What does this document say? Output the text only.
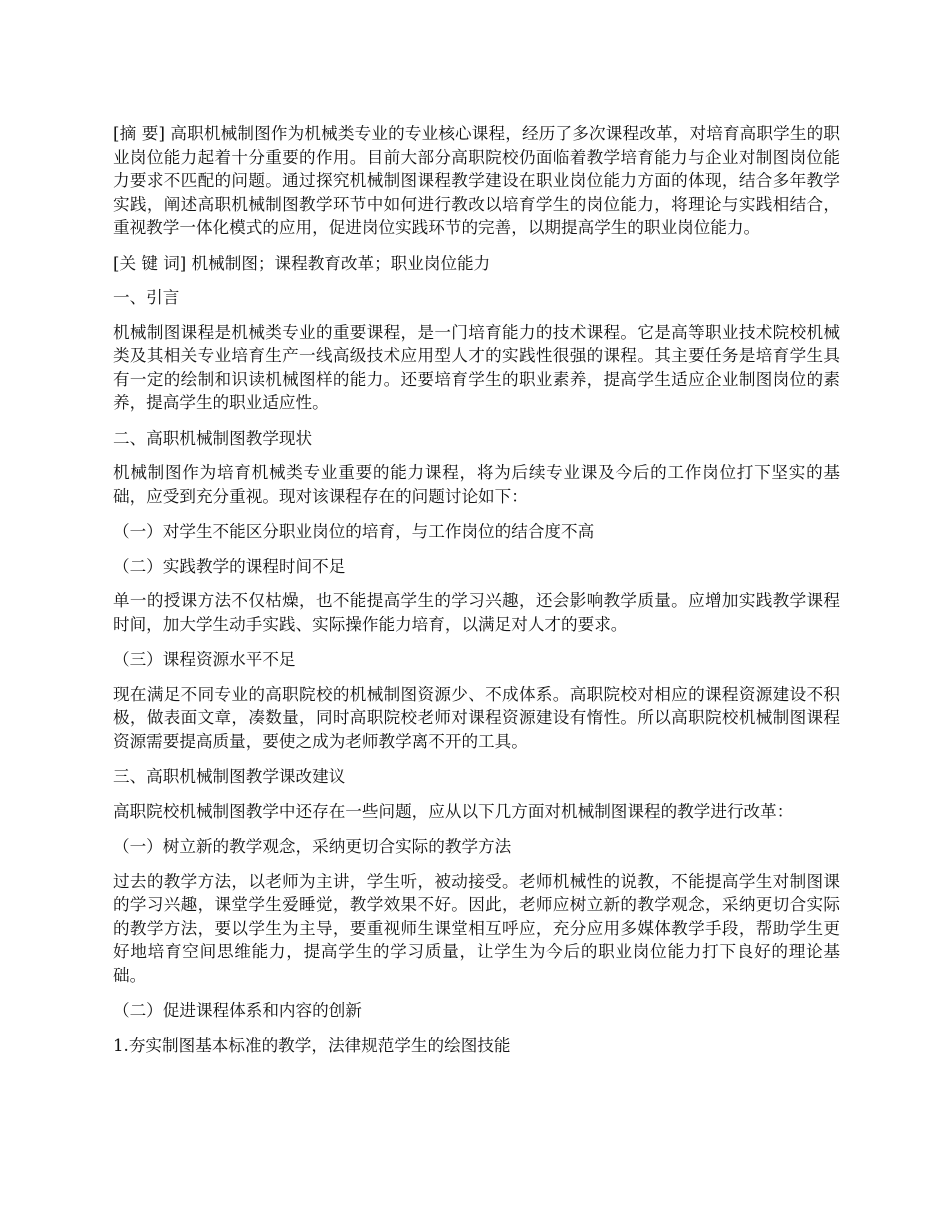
[摘 要] 高职机械制图作为机械类专业的专业核心课程，经历了多次课程改革，对培育高职学生的职业岗位能力起着十分重要的作用。目前大部分高职院校仍面临着教学培育能力与企业对制图岗位能力要求不匹配的问题。通过探究机械制图课程教学建设在职业岗位能力方面的体现，结合多年教学实践，阐述高职机械制图教学环节中如何进行教改以培育学生的岗位能力，将理论与实践相结合，重视教学一体化模式的应用，促进岗位实践环节的完善，以期提高学生的职业岗位能力。

[关 键 词] 机械制图；课程教育改革；职业岗位能力

一、引言

机械制图课程是机械类专业的重要课程，是一门培育能力的技术课程。它是高等职业技术院校机械类及其相关专业培育生产一线高级技术应用型人才的实践性很强的课程。其主要任务是培育学生具有一定的绘制和识读机械图样的能力。还要培育学生的职业素养，提高学生适应企业制图岗位的素养，提高学生的职业适应性。

二、高职机械制图教学现状

机械制图作为培育机械类专业重要的能力课程，将为后续专业课及今后的工作岗位打下坚实的基础，应受到充分重视。现对该课程存在的问题讨论如下：

（一）对学生不能区分职业岗位的培育，与工作岗位的结合度不高

（二）实践教学的课程时间不足

单一的授课方法不仅枯燥，也不能提高学生的学习兴趣，还会影响教学质量。应增加实践教学课程时间，加大学生动手实践、实际操作能力培育，以满足对人才的要求。

（三）课程资源水平不足

现在满足不同专业的高职院校的机械制图资源少、不成体系。高职院校对相应的课程资源建设不积极，做表面文章，凑数量，同时高职院校老师对课程资源建设有惰性。所以高职院校机械制图课程资源需要提高质量，要使之成为老师教学离不开的工具。

三、高职机械制图教学课改建议

高职院校机械制图教学中还存在一些问题，应从以下几方面对机械制图课程的教学进行改革：

（一）树立新的教学观念，采纳更切合实际的教学方法

过去的教学方法，以老师为主讲，学生听，被动接受。老师机械性的说教，不能提高学生对制图课的学习兴趣，课堂学生爱睡觉，教学效果不好。因此，老师应树立新的教学观念，采纳更切合实际的教学方法，要以学生为主导，要重视师生课堂相互呼应，充分应用多媒体教学手段，帮助学生更好地培育空间思维能力，提高学生的学习质量，让学生为今后的职业岗位能力打下良好的理论基础。

（二）促进课程体系和内容的创新

1.夯实制图基本标准的教学，法律规范学生的绘图技能
